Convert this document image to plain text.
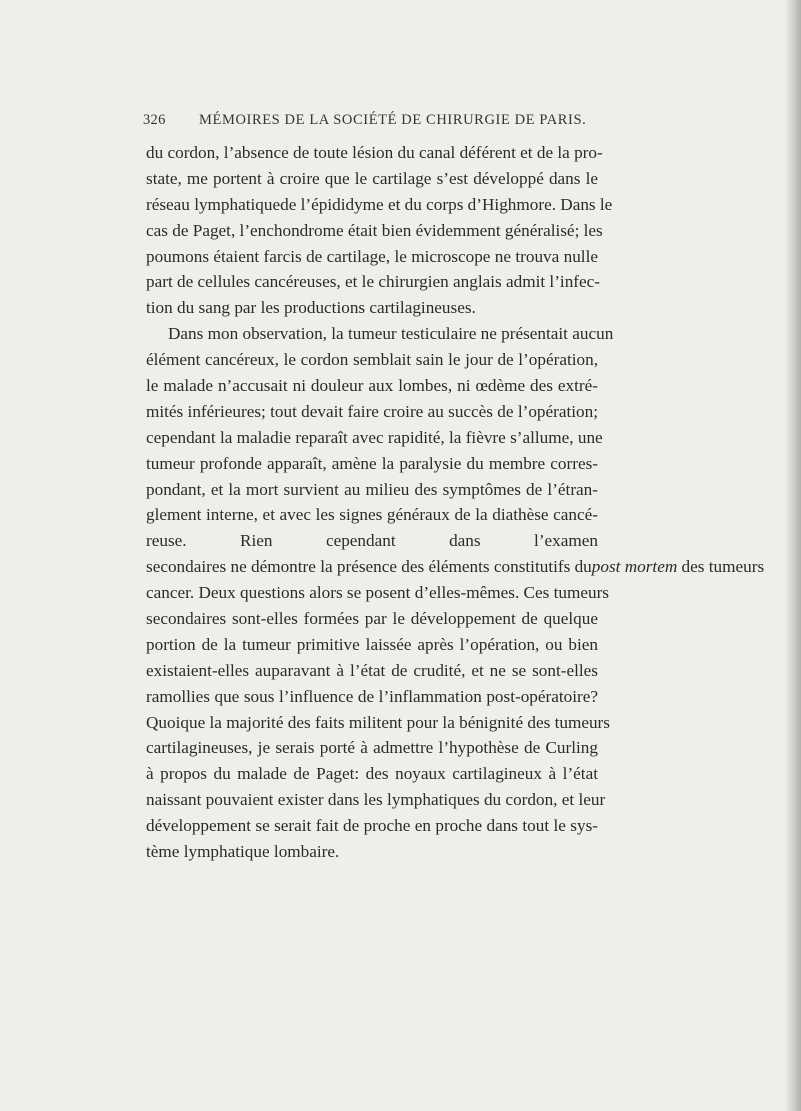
326 MÉMOIRES DE LA SOCIÉTÉ DE CHIRURGIE DE PARIS.
du cordon, l’absence de toute lésion du canal déférent et de la pro-
state, me portent à croire que le cartilage s’est développé dans le
réseau lymphatiquede l’épididyme et du corps d’Highmore. Dans le
cas de Paget, l’enchondrome était bien évidemment généralisé; les
poumons étaient farcis de cartilage, le microscope ne trouva nulle
part de cellules cancéreuses, et le chirurgien anglais admit l’infec-
tion du sang par les productions cartilagineuses.
Dans mon observation, la tumeur testiculaire ne présentait aucun
élément cancéreux, le cordon semblait sain le jour de l’opération,
le malade n’accusait ni douleur aux lombes, ni œdème des extré-
mités inférieures; tout devait faire croire au succès de l’opération;
cependant la maladie reparaît avec rapidité, la fièvre s’allume, une
tumeur profonde apparaît, amène la paralysie du membre corres-
pondant, et la mort survient au milieu des symptômes de l’étran-
glement interne, et avec les signes généraux de la diathèse cancé-
reuse. Rien cependant dans l’examen
secondaires ne démontre la présence des éléments constitutifs dupost mortem des tumeurs
cancer. Deux questions alors se posent d’elles-mêmes. Ces tumeurs
secondaires sont-elles formées par le développement de quelque
portion de la tumeur primitive laissée après l’opération, ou bien
existaient-elles auparavant à l’état de crudité, et ne se sont-elles
ramollies que sous l’influence de l’inflammation post-opératoire?
Quoique la majorité des faits militent pour la bénignité des tumeurs
cartilagineuses, je serais porté à admettre l’hypothèse de Curling
à propos du malade de Paget: des noyaux cartilagineux à l’état
naissant pouvaient exister dans les lymphatiques du cordon, et leur
développement se serait fait de proche en proche dans tout le sys-
tème lymphatique lombaire.
